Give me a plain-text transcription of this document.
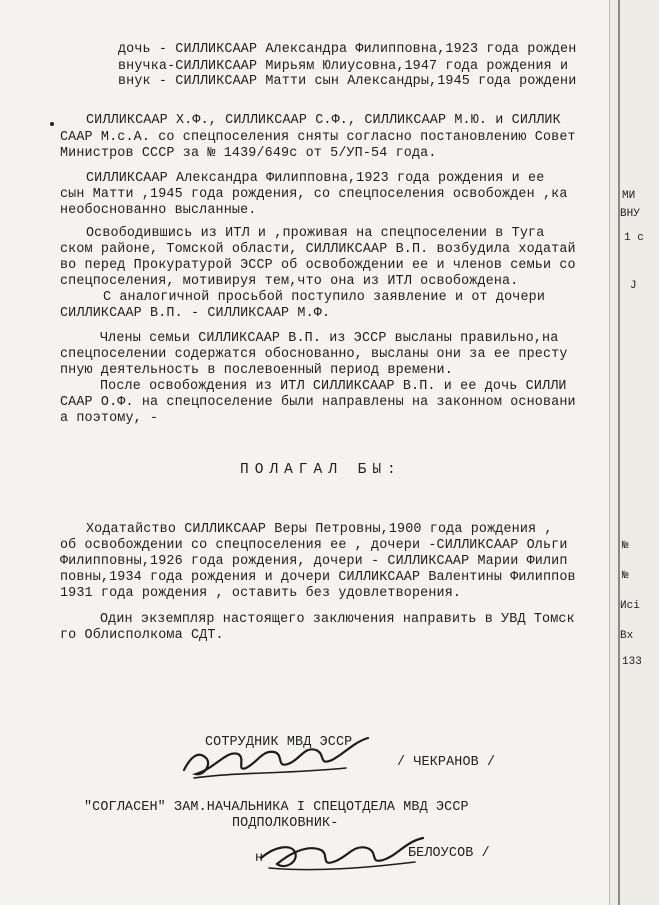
МИ
ВНУ
1 с
J
№
№
Исі
Вх
133
дочь - СИЛЛИКСААР Александра Филипповна,1923 года рожден
внучка-СИЛЛИКСААР Мирьям Юлиусовна,1947 года рождения и
внук - СИЛЛИКСААР Матти сын Александры,1945 года рождени
СИЛЛИКСААР Х.Ф., СИЛЛИКСААР С.Ф., СИЛЛИКСААР М.Ю. и СИЛЛИК
СААР М.с.А. со спецпоселения сняты согласно постановлению Совет
Министров СССР за № 1439/649с от 5/УП-54 года.
СИЛЛИКСААР Александра Филипповна,1923 года рождения и ее
сын Матти ,1945 года рождения, со спецпоселения освобожден ,ка
необоснованно высланные.
Освободившись из ИТЛ и ,проживая на спецпоселении в Туга
ском районе, Томской области, СИЛЛИКСААР В.П. возбудила ходатай
во перед Прокуратурой ЭССР об освобождении ее и членов семьи со
спецпоселения, мотивируя тем,что она из ИТЛ освобождена.
С аналогичной просьбой поступило заявление и от дочери
СИЛЛИКСААР В.П. - СИЛЛИКСААР М.Ф.
Члены семьи СИЛЛИКСААР В.П. из ЭССР высланы правильно,на
спецпоселении содержатся обоснованно, высланы они за ее престу
пную деятельность в послевоенный период времени.
После освобождения из ИТЛ СИЛЛИКСААР В.П. и ее дочь СИЛЛИ
СААР О.Ф. на спецпоселение были направлены на законном основани
а поэтому, -
ПОЛАГАЛ БЫ:
Ходатайство СИЛЛИКСААР Веры Петровны,1900 года рождения ,
об освобождении со спецпоселения ее , дочери -СИЛЛИКСААР Ольги
Филипповны,1926 года рождения, дочери - СИЛЛИКСААР Марии Филип
повны,1934 года рождения и дочери СИЛЛИКСААР Валентины Филиппов
1931 года рождения , оставить без удовлетворения.
Один экземпляр настоящего заключения направить в УВД Томск
го Облисполкома СДТ.
СОТРУДНИК МВД ЭССР
/ ЧЕКРАНОВ /
"СОГЛАСЕН" ЗАМ.НАЧАЛЬНИКА I СПЕЦОТДЕЛА МВД ЭССР
ПОДПОЛКОВНИК-
н	БЕЛОУСОВ /
